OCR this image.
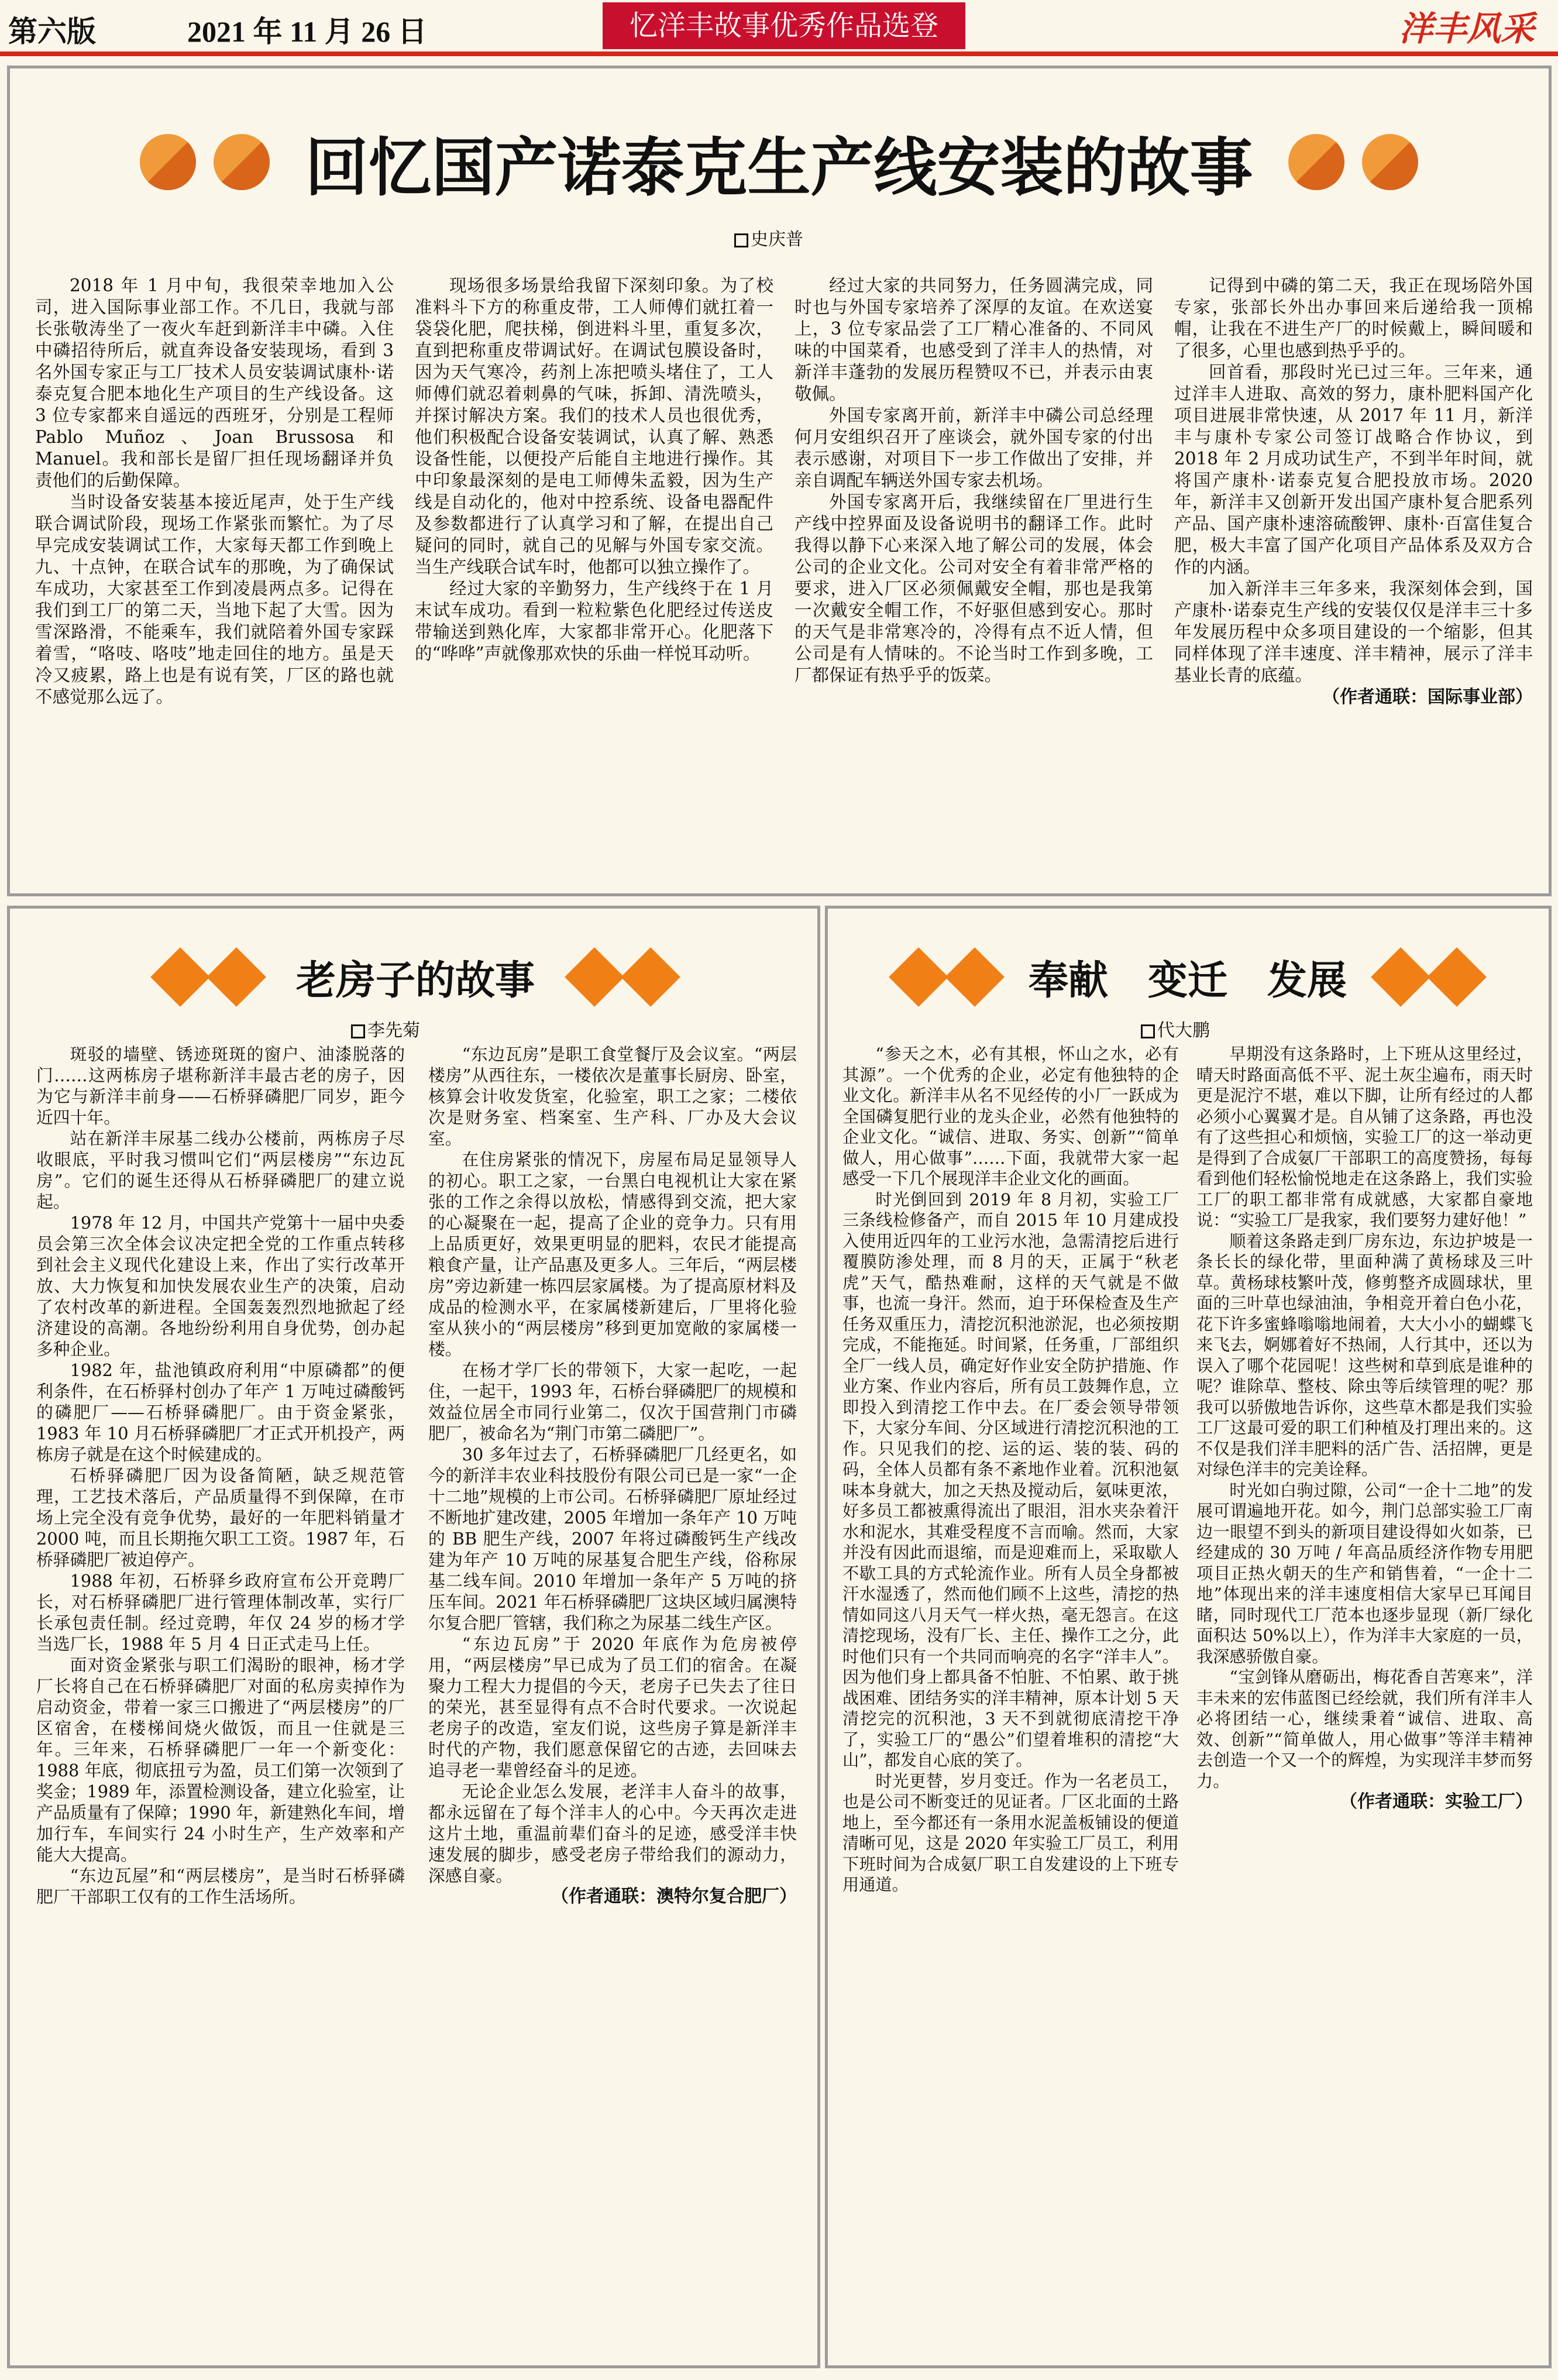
第六版	2021 年 11 月 26 日	忆洋丰故事优秀作品选登	洋丰风采
回忆国产诺泰克生产线安装的故事
史庆普

2018 年 1 月中旬，我很荣幸地加入公司，进入国际事业部工作。不几日，我就与部长张敬涛坐了一夜火车赶到新洋丰中磷。入住中磷招待所后，就直奔设备安装现场，看到 3 名外国专家正与工厂技术人员安装调试康朴·诺泰克复合肥本地化生产项目的生产线设备。这 3 位专家都来自遥远的西班牙，分别是工程师 Pablo Muñoz、Joan Brussosa 和 Manuel。我和部长是留厂担任现场翻译并负责他们的后勤保障。

当时设备安装基本接近尾声，处于生产线联合调试阶段，现场工作紧张而繁忙。为了尽早完成安装调试工作，大家每天都工作到晚上九、十点钟，在联合试车的那晚，为了确保试车成功，大家甚至工作到凌晨两点多。记得在我们到工厂的第二天，当地下起了大雪。因为雪深路滑，不能乘车，我们就陪着外国专家踩着雪，“咯吱、咯吱”地走回住的地方。虽是天冷又疲累，路上也是有说有笑，厂区的路也就不感觉那么远了。

现场很多场景给我留下深刻印象。为了校准料斗下方的称重皮带，工人师傅们就扛着一袋袋化肥，爬扶梯，倒进料斗里，重复多次，直到把称重皮带调试好。在调试包膜设备时，因为天气寒冷，药剂上冻把喷头堵住了，工人师傅们就忍着刺鼻的气味，拆卸、清洗喷头，并探讨解决方案。我们的技术人员也很优秀，他们积极配合设备安装调试，认真了解、熟悉设备性能，以便投产后能自主地进行操作。其中印象最深刻的是电工师傅朱孟毅，因为生产线是自动化的，他对中控系统、设备电器配件及参数都进行了认真学习和了解，在提出自己疑问的同时，就自己的见解与外国专家交流。当生产线联合试车时，他都可以独立操作了。

经过大家的辛勤努力，生产线终于在 1 月末试车成功。看到一粒粒紫色化肥经过传送皮带输送到熟化库，大家都非常开心。化肥落下的“哗哗”声就像那欢快的乐曲一样悦耳动听。

经过大家的共同努力，任务圆满完成，同时也与外国专家培养了深厚的友谊。在欢送宴上，3 位专家品尝了工厂精心准备的、不同风味的中国菜肴，也感受到了洋丰人的热情，对新洋丰蓬勃的发展历程赞叹不已，并表示由衷敬佩。

外国专家离开前，新洋丰中磷公司总经理何月安组织召开了座谈会，就外国专家的付出表示感谢，对项目下一步工作做出了安排，并亲自调配车辆送外国专家去机场。

外国专家离开后，我继续留在厂里进行生产线中控界面及设备说明书的翻译工作。此时我得以静下心来深入地了解公司的发展，体会公司的企业文化。公司对安全有着非常严格的要求，进入厂区必须佩戴安全帽，那也是我第一次戴安全帽工作，不好驱但感到安心。那时的天气是非常寒冷的，冷得有点不近人情，但公司是有人情味的。不论当时工作到多晚，工厂都保证有热乎乎的饭菜。

记得到中磷的第二天，我正在现场陪外国专家，张部长外出办事回来后递给我一顶棉帽，让我在不进生产厂的时候戴上，瞬间暖和了很多，心里也感到热乎乎的。

回首看，那段时光已过三年。三年来，通过洋丰人进取、高效的努力，康朴肥料国产化项目进展非常快速，从 2017 年 11 月，新洋丰与康朴专家公司签订战略合作协议，到 2018 年 2 月成功试生产，不到半年时间，就将国产康朴·诺泰克复合肥投放市场。2020 年，新洋丰又创新开发出国产康朴复合肥系列产品、国产康朴速溶硫酸钾、康朴·百富佳复合肥，极大丰富了国产化项目产品体系及双方合作的内涵。

加入新洋丰三年多来，我深刻体会到，国产康朴·诺泰克生产线的安装仅仅是洋丰三十多年发展历程中众多项目建设的一个缩影，但其同样体现了洋丰速度、洋丰精神，展示了洋丰基业长青的底蕴。

（作者通联：国际事业部）
老房子的故事
李先菊

斑驳的墙壁、锈迹斑斑的窗户、油漆脱落的门……这两栋房子堪称新洋丰最古老的房子，因为它与新洋丰前身——石桥驿磷肥厂同岁，距今近四十年。

站在新洋丰尿基二线办公楼前，两栋房子尽收眼底，平时我习惯叫它们“两层楼房”“东边瓦房”。它们的诞生还得从石桥驿磷肥厂的建立说起。

1978 年 12 月，中国共产党第十一届中央委员会第三次全体会议决定把全党的工作重点转移到社会主义现代化建设上来，作出了实行改革开放、大力恢复和加快发展农业生产的决策，启动了农村改革的新进程。全国轰轰烈烈地掀起了经济建设的高潮。各地纷纷利用自身优势，创办起多种企业。

1982 年，盐池镇政府利用“中原磷都”的便利条件，在石桥驿村创办了年产 1 万吨过磷酸钙的磷肥厂——石桥驿磷肥厂。由于资金紧张，1983 年 10 月石桥驿磷肥厂才正式开机投产，两栋房子就是在这个时候建成的。

石桥驿磷肥厂因为设备简陋，缺乏规范管理，工艺技术落后，产品质量得不到保障，在市场上完全没有竞争优势，最好的一年肥料销量才 2000 吨，而且长期拖欠职工工资。1987 年，石桥驿磷肥厂被迫停产。

1988 年初，石桥驿乡政府宣布公开竞聘厂长，对石桥驿磷肥厂进行管理体制改革，实行厂长承包责任制。经过竞聘，年仅 24 岁的杨才学当选厂长，1988 年 5 月 4 日正式走马上任。

面对资金紧张与职工们渴盼的眼神，杨才学厂长将自己在石桥驿磷肥厂对面的私房卖掉作为启动资金，带着一家三口搬进了“两层楼房”的厂区宿舍，在楼梯间烧火做饭，而且一住就是三年。三年来，石桥驿磷肥厂一年一个新变化：1988 年底，彻底扭亏为盈，员工们第一次领到了奖金；1989 年，添置检测设备，建立化验室，让产品质量有了保障；1990 年，新建熟化车间，增加行车，车间实行 24 小时生产，生产效率和产能大大提高。

“东边瓦屋”和“两层楼房”，是当时石桥驿磷肥厂干部职工仅有的工作生活场所。

“东边瓦房”是职工食堂餐厅及会议室。“两层楼房”从西往东，一楼依次是董事长厨房、卧室，核算会计收发货室，化验室，职工之家；二楼依次是财务室、档案室、生产科、厂办及大会议室。

在住房紧张的情况下，房屋布局足显领导人的初心。职工之家，一台黑白电视机让大家在紧张的工作之余得以放松，情感得到交流，把大家的心凝聚在一起，提高了企业的竞争力。只有用上品质更好，效果更明显的肥料，农民才能提高粮食产量，让产品惠及更多人。三年后，“两层楼房”旁边新建一栋四层家属楼。为了提高原材料及成品的检测水平，在家属楼新建后，厂里将化验室从狭小的“两层楼房”移到更加宽敞的家属楼一楼。

在杨才学厂长的带领下，大家一起吃，一起住，一起干，1993 年，石桥台驿磷肥厂的规模和效益位居全市同行业第二，仅次于国营荆门市磷肥厂，被命名为“荆门市第二磷肥厂”。

30 多年过去了，石桥驿磷肥厂几经更名，如今的新洋丰农业科技股份有限公司已是一家“一企十二地”规模的上市公司。石桥驿磷肥厂原址经过不断地扩建改建，2005 年增加一条年产 10 万吨的 BB 肥生产线，2007 年将过磷酸钙生产线改建为年产 10 万吨的尿基复合肥生产线，俗称尿基二线车间。2010 年增加一条年产 5 万吨的挤压车间。2021 年石桥驿磷肥厂这块区域归属澳特尔复合肥厂管辖，我们称之为尿基二线生产区。

“东边瓦房”于 2020 年底作为危房被停用，“两层楼房”早已成为了员工们的宿舍。在凝聚力工程大力提倡的今天，老房子已失去了往日的荣光，甚至显得有点不合时代要求。一次说起老房子的改造，室友们说，这些房子算是新洋丰时代的产物，我们愿意保留它的古迹，去回味去追寻老一辈曾经奋斗的足迹。

无论企业怎么发展，老洋丰人奋斗的故事，都永远留在了每个洋丰人的心中。今天再次走进这片土地，重温前辈们奋斗的足迹，感受洋丰快速发展的脚步，感受老房子带给我们的源动力，深感自豪。

（作者通联：澳特尔复合肥厂）
奉献　变迁　发展
代大鹏

“参天之木，必有其根，怀山之水，必有其源”。一个优秀的企业，必定有他独特的企业文化。新洋丰从名不见经传的小厂一跃成为全国磷复肥行业的龙头企业，必然有他独特的企业文化。“诚信、进取、务实、创新”“简单做人，用心做事”……下面，我就带大家一起感受一下几个展现洋丰企业文化的画面。

时光倒回到 2019 年 8 月初，实验工厂三条线检修备产，而自 2015 年 10 月建成投入使用近四年的工业污水池，急需清挖后进行覆膜防渗处理，而 8 月的天，正属于“秋老虎”天气，酷热难耐，这样的天气就是不做事，也流一身汗。然而，迫于环保检查及生产任务双重压力，清挖沉积池淤泥，也必须按期完成，不能拖延。时间紧，任务重，厂部组织全厂一线人员，确定好作业安全防护措施、作业方案、作业内容后，所有员工鼓舞作息，立即投入到清挖工作中去。在厂委会领导带领下，大家分车间、分区域进行清挖沉积池的工作。只见我们的挖、运的运、装的装、码的码，全体人员都有条不紊地作业着。沉积池氨味本身就大，加之天热及搅动后，氨味更浓，好多员工都被熏得流出了眼泪，泪水夹杂着汗水和泥水，其难受程度不言而喻。然而，大家并没有因此而退缩，而是迎难而上，采取歇人不歇工具的方式轮流作业。所有人员全身都被汗水湿透了，然而他们顾不上这些，清挖的热情如同这八月天气一样火热，毫无怨言。在这清挖现场，没有厂长、主任、操作工之分，此时他们只有一个共同而响亮的名字“洋丰人”。因为他们身上都具备不怕脏、不怕累、敢于挑战困难、团结务实的洋丰精神，原本计划 5 天清挖完的沉积池，3 天不到就彻底清挖干净了，实验工厂的“愚公”们望着堆积的清挖“大山”，都发自心底的笑了。

时光更替，岁月变迁。作为一名老员工，也是公司不断变迁的见证者。厂区北面的土路地上，至今都还有一条用水泥盖板铺设的便道清晰可见，这是 2020 年实验工厂员工，利用下班时间为合成氨厂职工自发建设的上下班专用通道。

早期没有这条路时，上下班从这里经过，晴天时路面高低不平、泥土灰尘遍布，雨天时更是泥泞不堪，难以下脚，让所有经过的人都必须小心翼翼才是。自从铺了这条路，再也没有了这些担心和烦恼，实验工厂的这一举动更是得到了合成氨厂干部职工的高度赞扬，每每看到他们轻松愉悦地走在这条路上，我们实验工厂的职工都非常有成就感，大家都自豪地说：“实验工厂是我家，我们要努力建好他！”

顺着这条路走到厂房东边，东边护坡是一条长长的绿化带，里面种满了黄杨球及三叶草。黄杨球枝繁叶茂，修剪整齐成圆球状，里面的三叶草也绿油油，争相竞开着白色小花，花下许多蜜蜂嗡嗡地闹着，大大小小的蝴蝶飞来飞去，婀娜着好不热闹，人行其中，还以为误入了哪个花园呢！这些树和草到底是谁种的呢？谁除草、整枝、除虫等后续管理的呢？那我可以骄傲地告诉你，这些草木都是我们实验工厂这最可爱的职工们种植及打理出来的。这不仅是我们洋丰肥料的活广告、活招牌，更是对绿色洋丰的完美诠释。

时光如白驹过隙，公司“一企十二地”的发展可谓遍地开花。如今，荆门总部实验工厂南边一眼望不到头的新项目建设得如火如荼，已经建成的 30 万吨 / 年高品质经济作物专用肥项目正热火朝天的生产和销售着，“一企十二地”体现出来的洋丰速度相信大家早已耳闻目睹，同时现代工厂范本也逐步显现（新厂绿化面积达 50%以上），作为洋丰大家庭的一员，我深感骄傲自豪。

“宝剑锋从磨砺出，梅花香自苦寒来”，洋丰未来的宏伟蓝图已经绘就，我们所有洋丰人必将团结一心，继续秉着“诚信、进取、高效、创新”“简单做人，用心做事”等洋丰精神去创造一个又一个的辉煌，为实现洋丰梦而努力。

（作者通联：实验工厂）
